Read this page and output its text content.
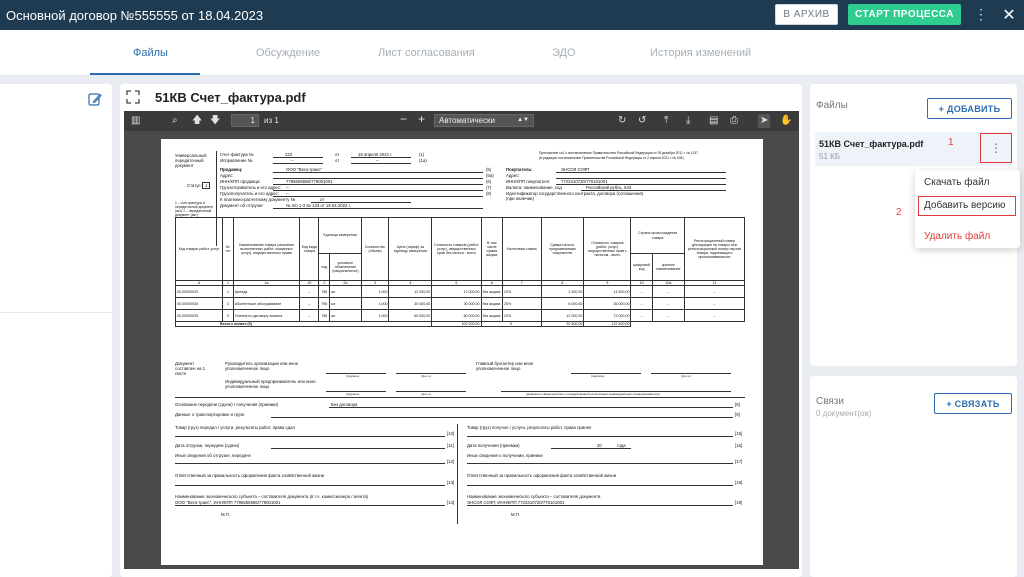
Основной договор №555555 от 18.04.2023	В АРХИВ	СТАРТ ПРОЦЕССА	⋮ ✕
Файлы	Обсуждение	Лист согласования	ЭДО	История изменений
51КВ Счет_фактура.pdf
▥	⌕ 🡅 🡇	1	из 1	− +	Автоматически	▲▼	↻ ↺ ⤒ ⤓ ▤ ⎙ ➤ ✋
Универсальный передаточный документ
Счет-фактура №	123	от	19 апреля 2022 г.	(1)
Исправление №	--	от	--	(1а)
Приложение №1 к постановлению Правительства Российской Федерации от 26 декабря 2011 г. № 1137
(в редакции постановления Правительства Российской Федерации от 2 апреля 2021 г. № 534)
Статус: 1
1 – счет-фактура и передаточный документ (акт) 2 – передаточный документ (акт)
Продавец:	ООО "Вега-транс"
Адрес:
ИНН/КПП продавца:	7795555596/779001001
Грузоотправитель и его адрес: --
Грузополучатель и его адрес: --
К платежно-расчетному документу №	от
Документ об отгрузке	№ п/п 1-3 № 123 от 19.04.2022 г.
(5)	Покупатель:	ЭНСОЛ СОФТ
(5а)	Адрес:
(6)	ИНН/КПП покупателя:	7723410720/770101001
(7)	Валюта: наименование, код	Российский рубль, 643
(8)	Идентификатор государственного контракта, договора (соглашения) (при наличии)
Код товара/ работ, услуг	№ п/п	Наименование товара (описание выполненных работ, оказанных услуг), имущественного права	Код вида товара	Единица измерения		Количество (объем)	Цена (тариф) за единицу измерения	Стоимость товаров (работ, услуг), имущественных прав без налога - всего	В том числе сумма акциза	Налоговая ставка	Сумма налога, предъявляемая покупателю	Стоимость товаров (работ, услуг), имущественных прав с налогом - всего	Страна происхождения товара		Регистрационный номер декларации на товары или регистрационный номер партии товара, подлежащего прослеживаемости
				код	условное обозначение (национальное)								цифровой код	краткое наименование	
А	1	1а	1б	2	2а	3	4	5	6	7	8	9	10	10а	11
00-00000029	1	Аренда	--	796	шт	1,000	12 000,00	12 000,00	без акциза	20%	2 400,00	14 400,00	--	--	--
00-00000030	2	Абонентское обслуживание	--	796	шт	1,000	30 000,00	30 000,00	без акциза	20%	6 000,00	36 000,00	--	--	--
00-00000025	3	Платеж по договору лизинга	--	796	шт	1,000	60 000,00	60 000,00	без акциза	20%	12 000,00	72 000,00	--	--	--
Всего к оплате (9)								102 000,00	X		20 400,00	122 400,00			
Документ составлен на 1 листе
Руководитель организации или иное уполномоченное лицо
(подпись)	(ф.и.о.)
Главный бухгалтер или иное уполномоченное лицо
(подпись)	(ф.и.о.)
Индивидуальный предприниматель или иное уполномоченное лицо
(подпись)	(ф.и.о.)	(реквизиты свидетельства о государственной регистрации индивидуального предпринимателя)
Основание передачи (сдачи) / получения (приемки)	Без договора	[8]
Данные о транспортировке и грузе	[9]
Товар (груз) передал / услуги, результаты работ, права сдал
[10]
Дата отгрузки, передачи (сдачи)	[11]
Иные сведения об отгрузке, передаче
[12]
Ответственный за правильность оформления факта хозяйственной жизни
[13]
Наименование экономического субъекта – составителя документа (в т.ч. комиссионера / агента)
ООО "Вега-транс", ИНН/КПП 7795555596/779001001	[14]
М.П.
Товар (груз) получил / услуги, результаты работ, права принял
[15]
Дата получения (приемки)	20	года	[16]
Иные сведения о получении, приемке
[17]
Ответственный за правильность оформления факта хозяйственной жизни
[18]
Наименование экономического субъекта – составителя документа
ЭНСОЛ СОФТ, ИНН/КПП 7723410720/770101001	[19]
М.П.
Файлы	+ ДОБАВИТЬ
51КВ Счет_фактура.pdf
51 КБ
⋮
1
2
Скачать файл
Добавить версию
Удалить файл
Связи
0 документ(ов)
+ СВЯЗАТЬ
